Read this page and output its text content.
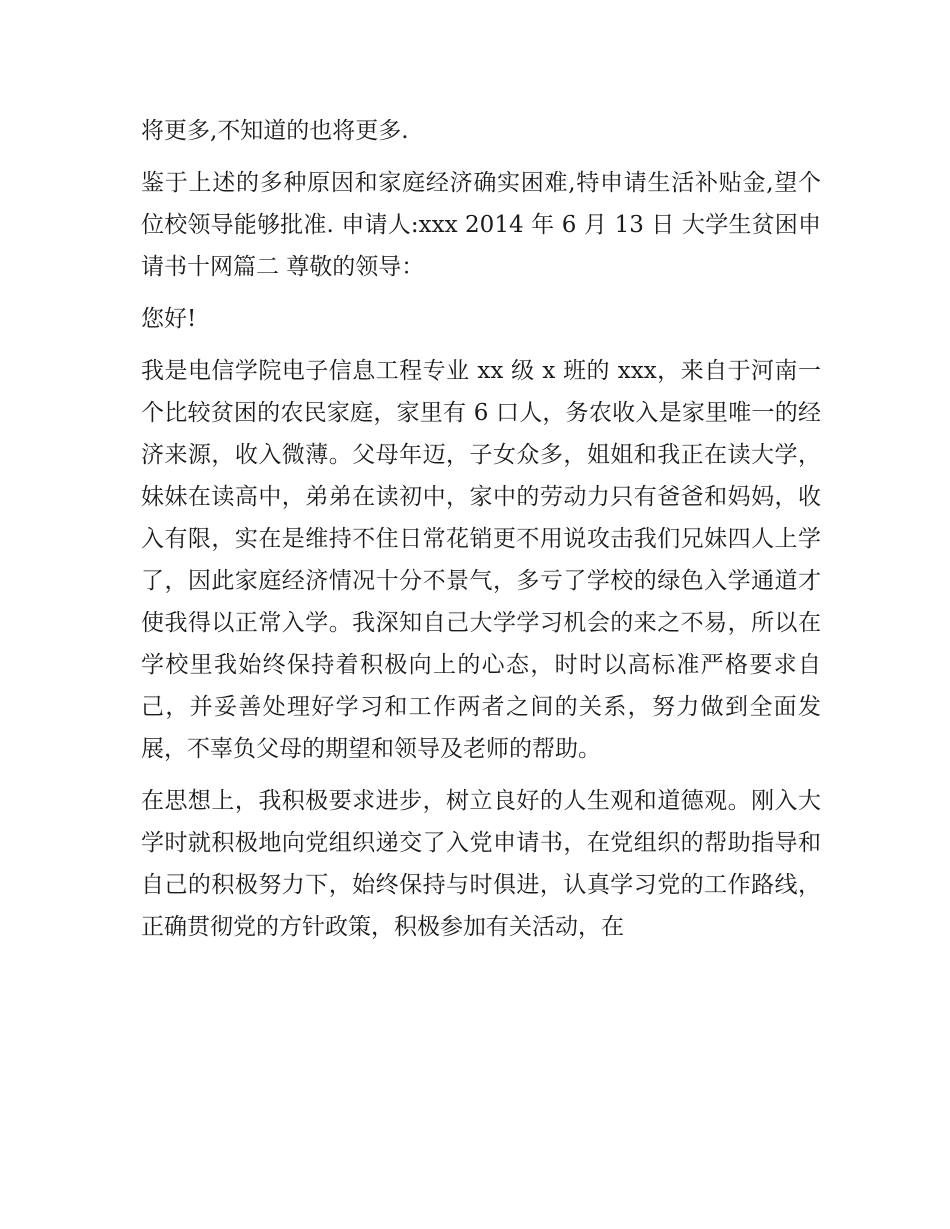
将更多,不知道的也将更多.

鉴于上述的多种原因和家庭经济确实困难,特申请生活补贴金,望个位校领导能够批准. 申请人:xxx 2014 年 6 月 13 日 大学生贫困申请书十网篇二 尊敬的领导：

您好!

我是电信学院电子信息工程专业 xx 级 x 班的 xxx，来自于河南一个比较贫困的农民家庭，家里有 6 口人，务农收入是家里唯一的经济来源，收入微薄。父母年迈，子女众多，姐姐和我正在读大学，妹妹在读高中，弟弟在读初中，家中的劳动力只有爸爸和妈妈，收入有限，实在是维持不住日常花销更不用说攻击我们兄妹四人上学了，因此家庭经济情况十分不景气，多亏了学校的绿色入学通道才使我得以正常入学。我深知自己大学学习机会的来之不易，所以在学校里我始终保持着积极向上的心态，时时以高标准严格要求自己，并妥善处理好学习和工作两者之间的关系，努力做到全面发展，不辜负父母的期望和领导及老师的帮助。

在思想上，我积极要求进步，树立良好的人生观和道德观。刚入大学时就积极地向党组织递交了入党申请书，在党组织的帮助指导和自己的积极努力下，始终保持与时俱进，认真学习党的工作路线，正确贯彻党的方针政策，积极参加有关活动，在
